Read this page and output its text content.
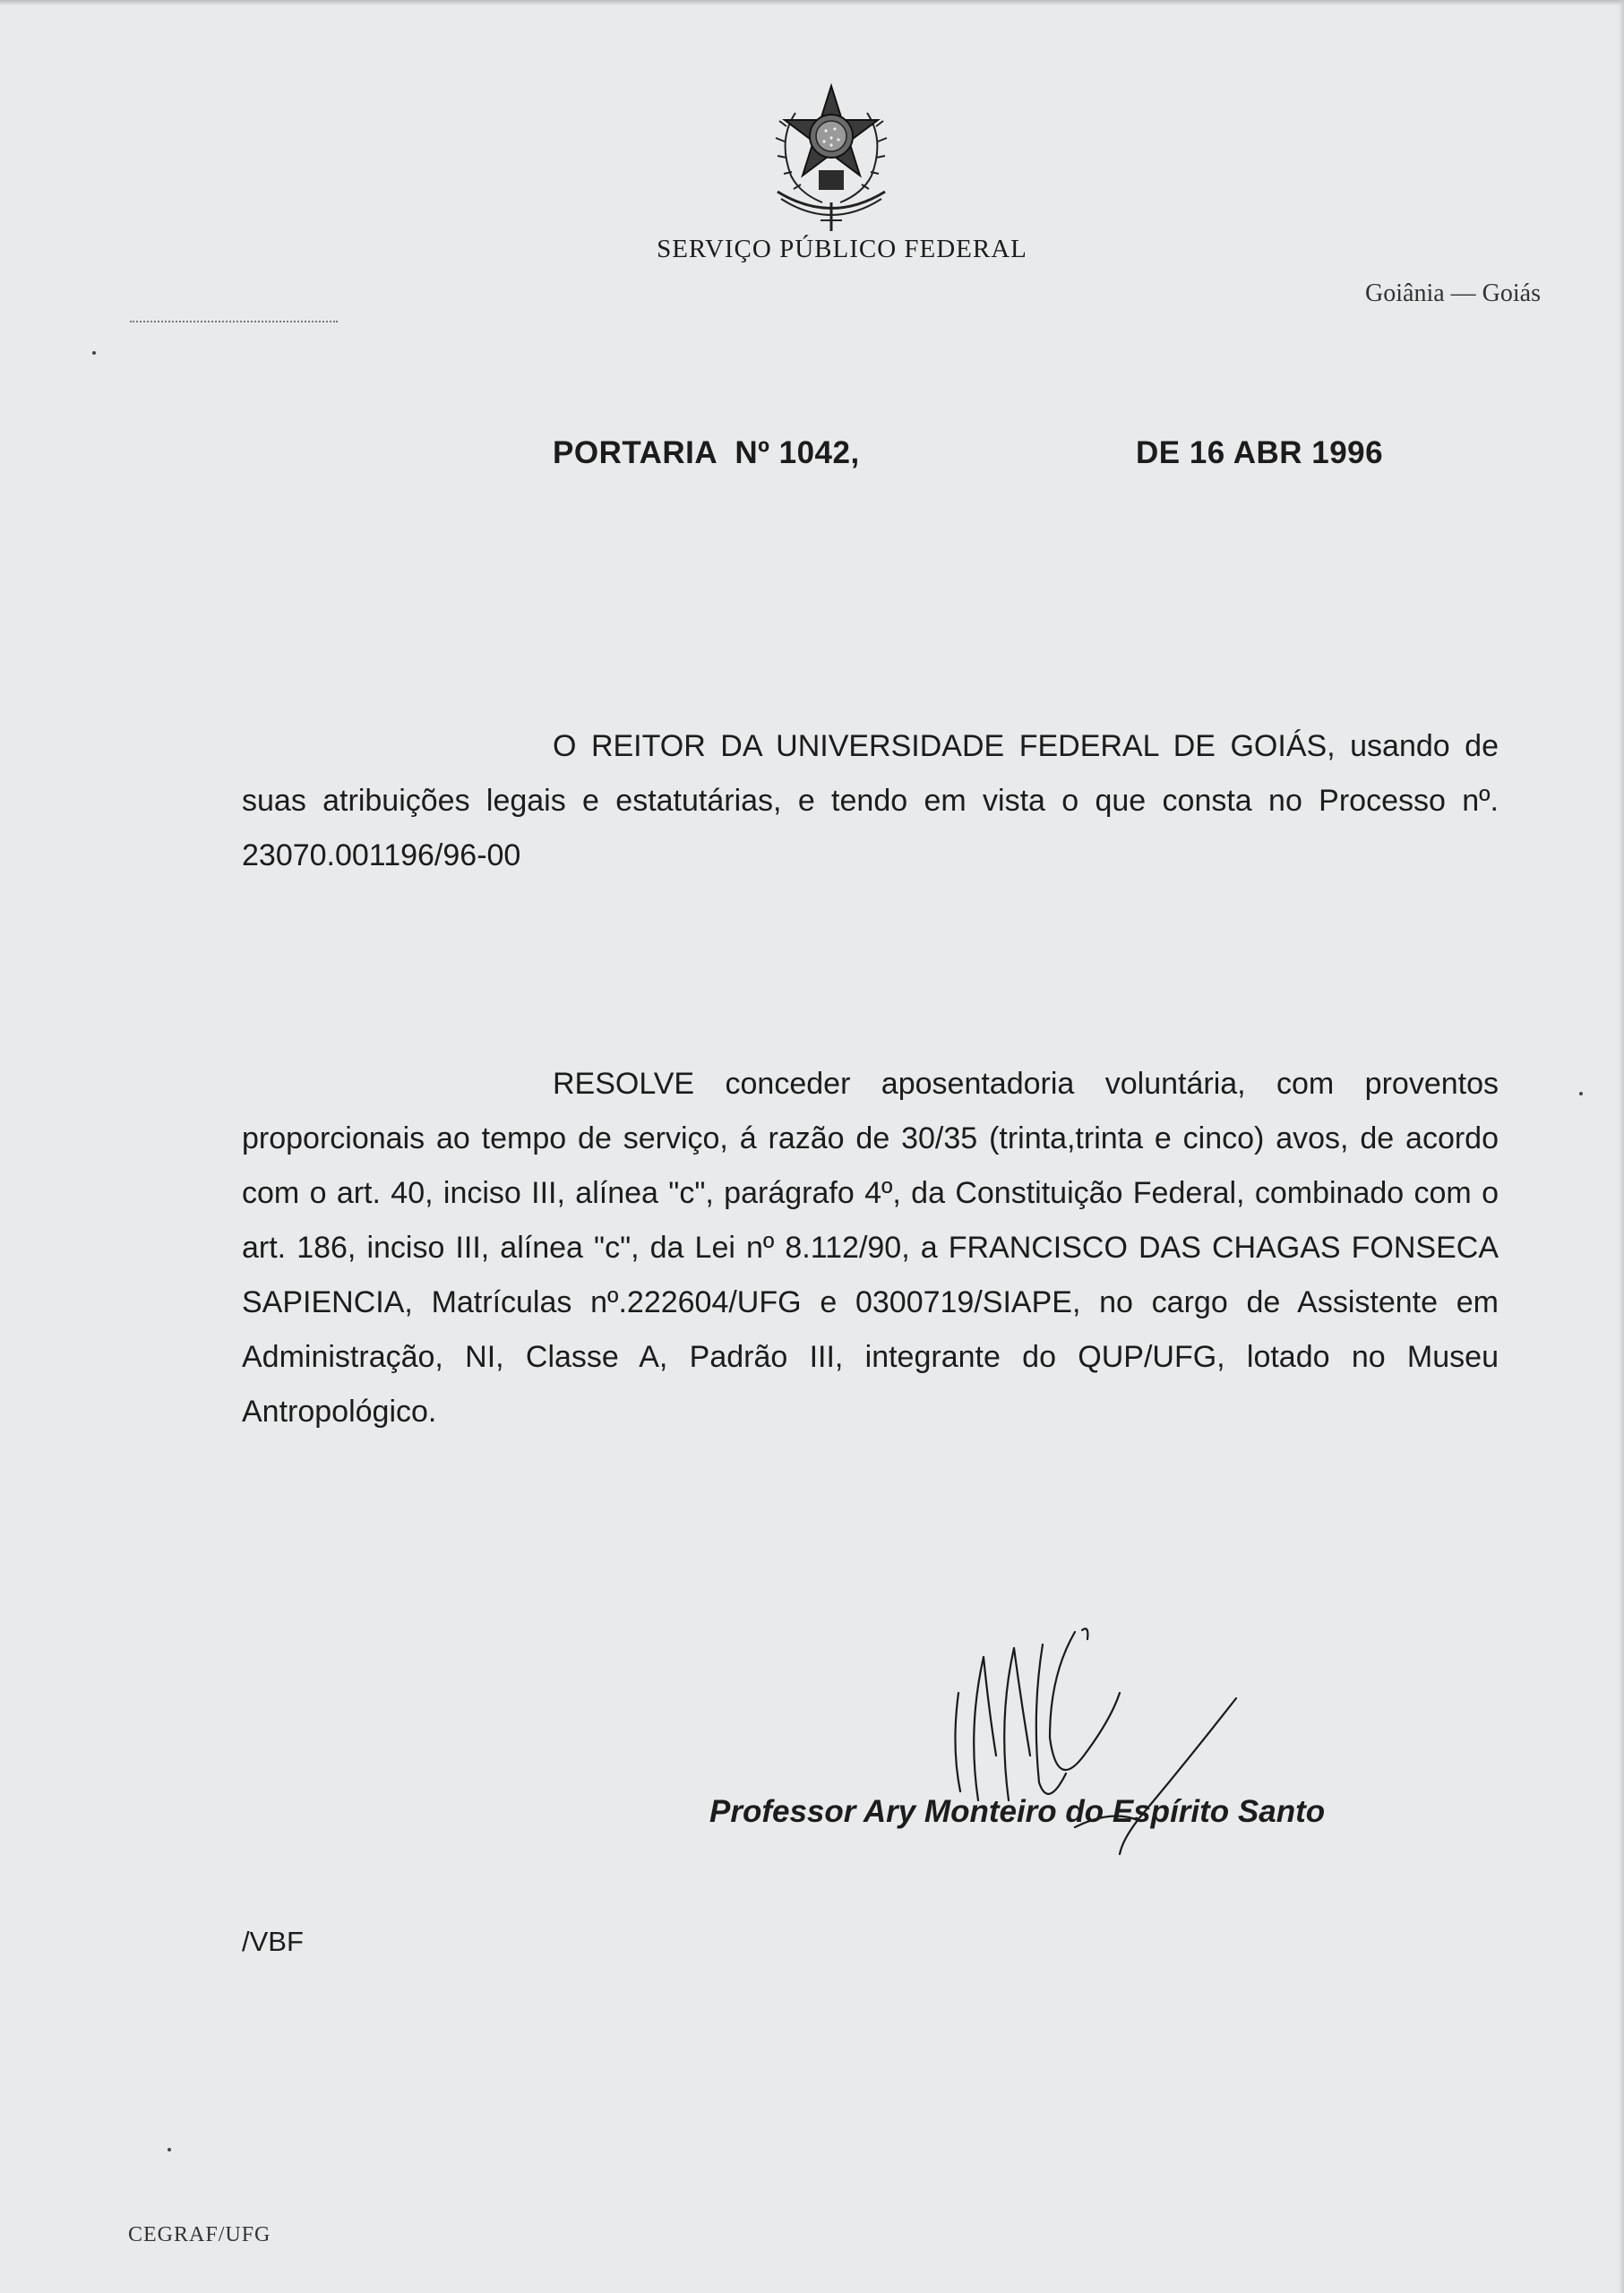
SERVIÇO PÚBLICO FEDERAL
Goiânia — Goiás
PORTARIA  Nº 1042,	DE 16 ABR 1996

O REITOR DA UNIVERSIDADE FEDERAL DE GOIÁS, usando de suas atribuições legais e estatutárias, e tendo em vista o que consta no Processo nº. 23070.001196/96-00

RESOLVE conceder aposentadoria voluntária, com proventos proporcionais ao tempo de serviço, á razão de 30/35 (trinta,trinta e cinco) avos, de acordo com o art. 40, inciso III, alínea "c", parágrafo 4º, da Constituição Federal, combinado com o art. 186, inciso III, alínea "c", da Lei nº 8.112/90, a FRANCISCO DAS CHAGAS FONSECA SAPIENCIA, Matrículas nº.222604/UFG e 0300719/SIAPE, no cargo de Assistente em Administração, NI, Classe A, Padrão III, integrante do QUP/UFG, lotado no Museu Antropológico.

Professor Ary Monteiro do Espírito Santo
/VBF
CEGRAF/UFG
